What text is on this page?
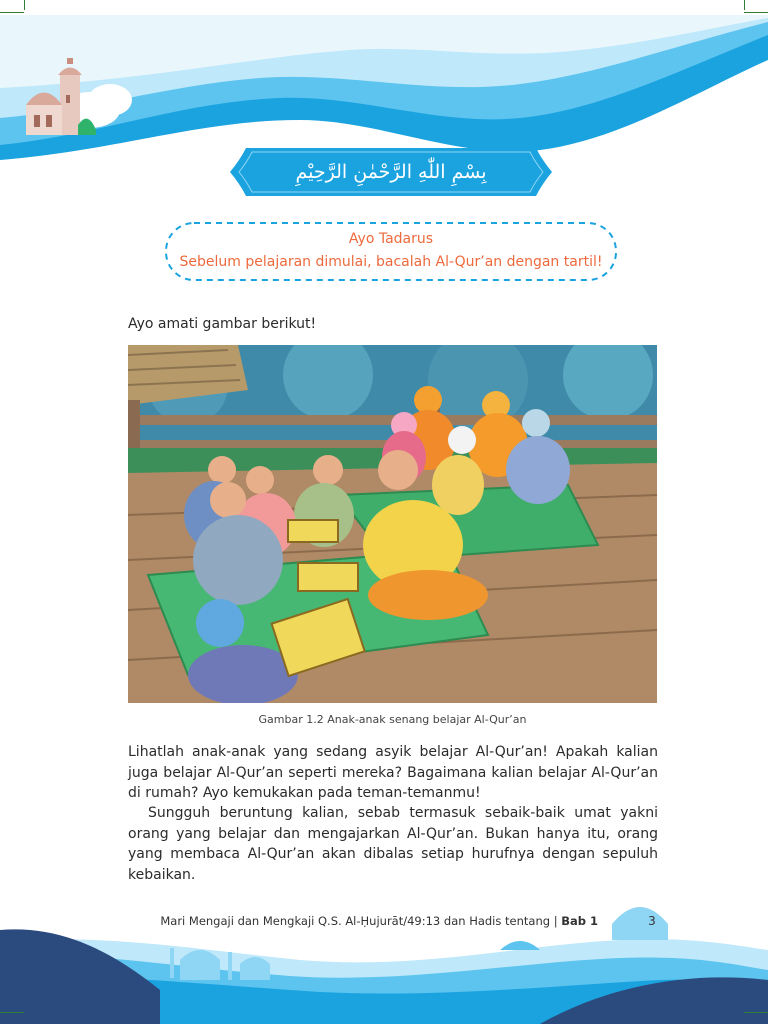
بِسْمِ اللّٰهِ الرَّحْمٰنِ الرَّحِيْمِ
Ayo Tadarus
Sebelum pelajaran dimulai, bacalah Al-Qur’an dengan tartil!
Ayo amati gambar berikut!
Gambar 1.2 Anak-anak senang belajar Al-Qur’an

Lihatlah anak-anak yang sedang asyik belajar Al-Qur’an! Apakah kalian juga belajar Al-Qur’an seperti mereka? Bagaimana kalian belajar Al-Qur’an di rumah? Ayo kemukakan pada teman-temanmu!

Sungguh beruntung kalian, sebab termasuk sebaik-baik umat yakni orang yang belajar dan mengajarkan Al-Qur’an. Bukan hanya itu, orang yang membaca Al-Qur’an akan dibalas setiap hurufnya dengan sepuluh kebaikan.

Mari Mengaji dan Mengkaji Q.S. Al-Ḥujurāt/49:13 dan Hadis tentang | Bab 1	3
